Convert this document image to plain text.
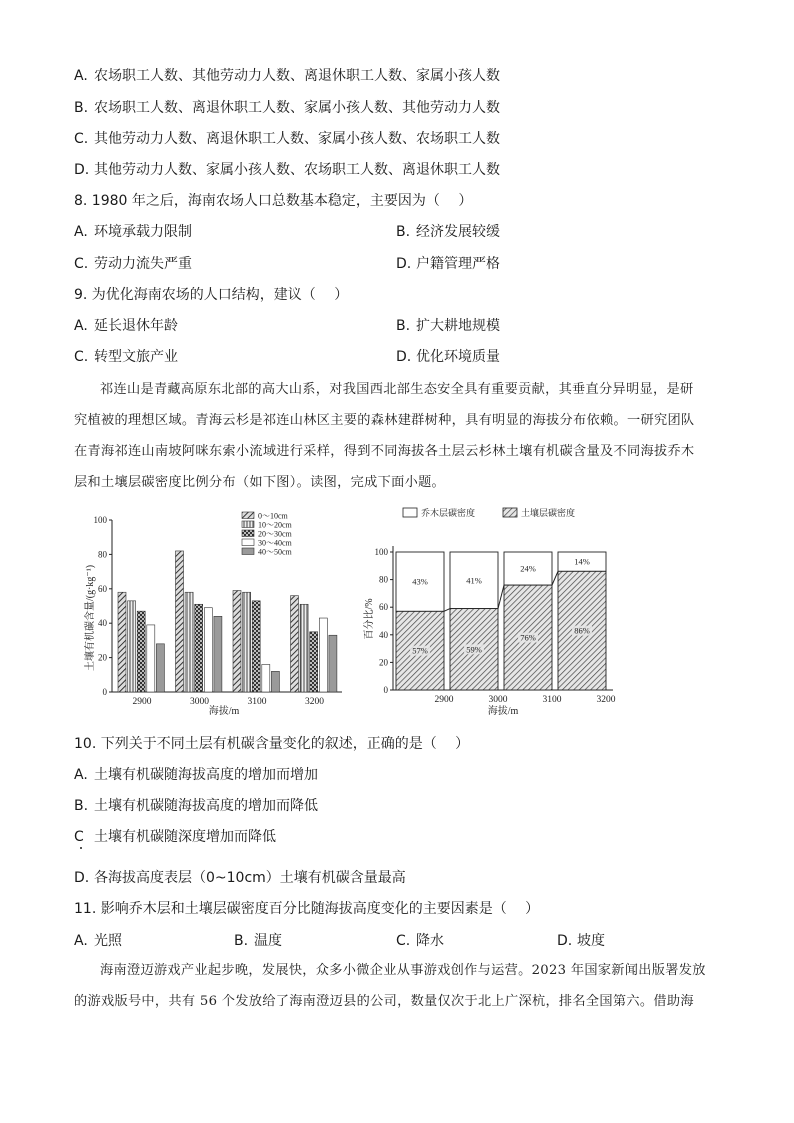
A. 农场职工人数、其他劳动力人数、离退休职工人数、家属小孩人数
B. 农场职工人数、离退休职工人数、家属小孩人数、其他劳动力人数
C. 其他劳动力人数、离退休职工人数、家属小孩人数、农场职工人数
D. 其他劳动力人数、家属小孩人数、农场职工人数、离退休职工人数
8. 1980 年之后，海南农场人口总数基本稳定，主要因为（　 ）
A. 环境承载力限制	B. 经济发展较缓
C. 劳动力流失严重	D. 户籍管理严格
9. 为优化海南农场的人口结构，建议（　 ）
A. 延长退休年龄	B. 扩大耕地规模
C. 转型文旅产业	D. 优化环境质量
祁连山是青藏高原东北部的高大山系，对我国西北部生态安全具有重要贡献，其垂直分异明显，是研
究植被的理想区域。青海云杉是祁连山林区主要的森林建群树种，具有明显的海拔分布依赖。一研究团队
在青海祁连山南坡阿咪东索小流域进行采样，得到不同海拔各土层云杉林土壤有机碳含量及不同海拔乔木
层和土壤层碳密度比例分布（如下图）。读图，完成下面小题。
0
20
40
60
80
100
2900	3000	3100	3200
0～10cm
10～20cm
20～30cm
30～40cm
40～50cm
土壤有机碳含量/(g·kg⁻¹)
海拔/m
0
20
40
60
80
100
2900	3000	3100	3200
43%
57%
41%
59%
24%
76%
14%
86%
乔木层碳密度	土壤层碳密度
百分比/%
海拔/m
10. 下列关于不同土层有机碳含量变化的叙述，正确的是（　 ）
A. 土壤有机碳随海拔高度的增加而增加
B. 土壤有机碳随海拔高度的增加而降低
C 土壤有机碳随深度增加而降低
D. 各海拔高度表层（0~10cm）土壤有机碳含量最高
11. 影响乔木层和土壤层碳密度百分比随海拔高度变化的主要因素是（　 ）
A. 光照	B. 温度	C. 降水	D. 坡度
海南澄迈游戏产业起步晚，发展快，众多小微企业从事游戏创作与运营。2023 年国家新闻出版署发放
的游戏版号中，共有 56 个发放给了海南澄迈县的公司，数量仅次于北上广深杭，排名全国第六。借助海
